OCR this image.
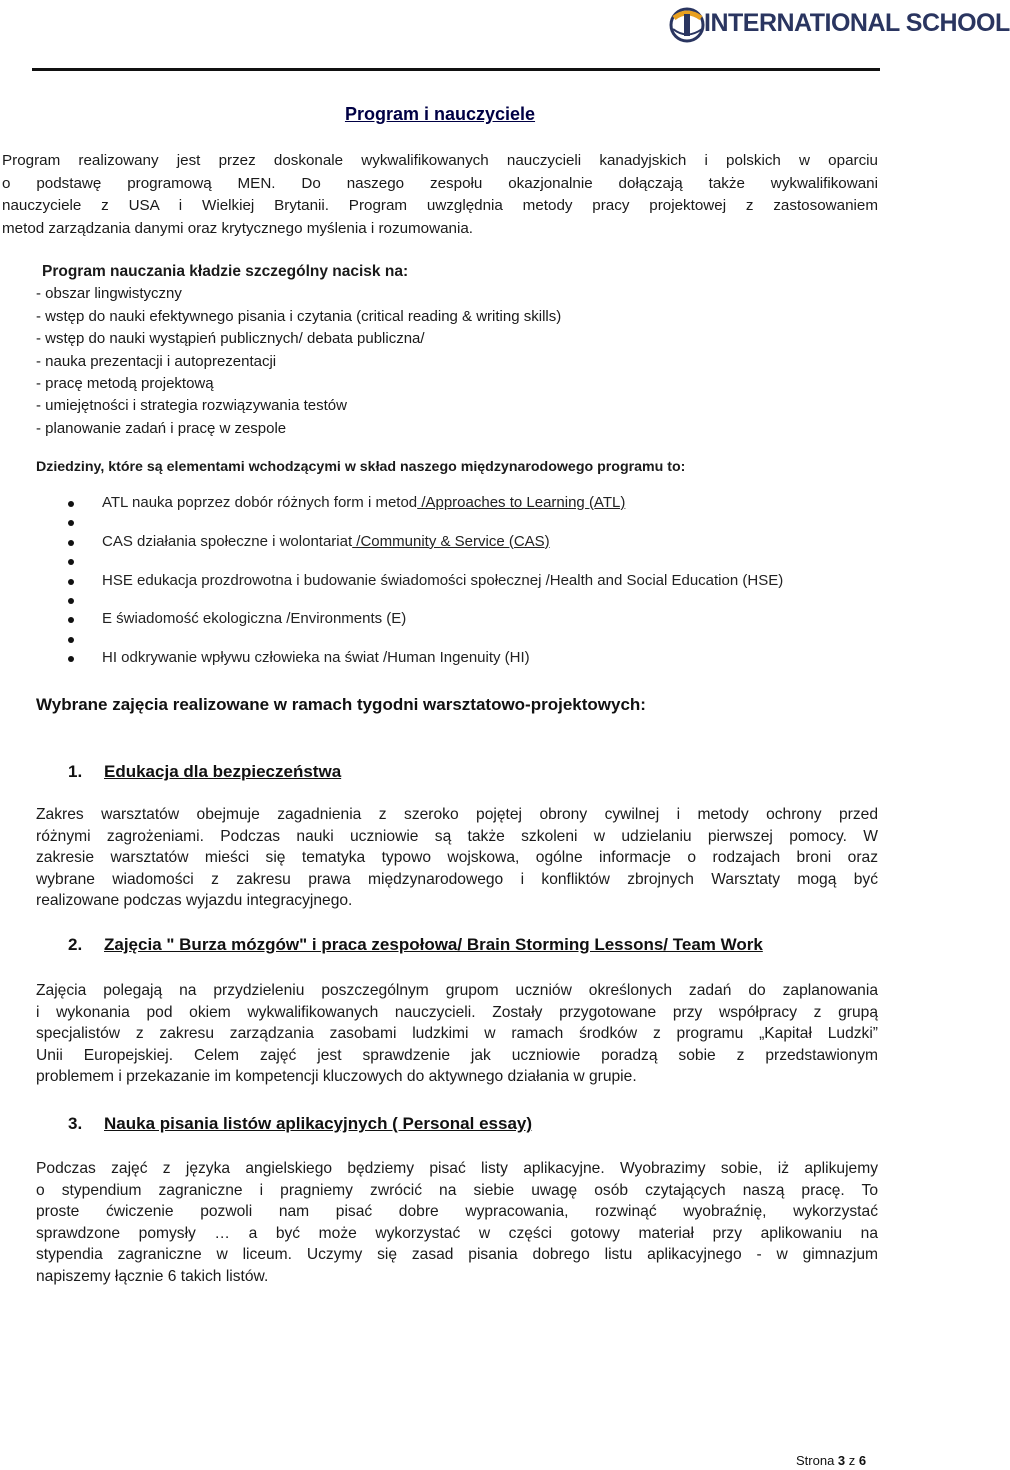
INTERNATIONAL SCHOOL
Program i nauczyciele
Program realizowany jest przez doskonale wykwalifikowanych nauczycieli kanadyjskich i polskich w oparciu
o podstawę programową MEN. Do naszego zespołu okazjonalnie dołączają także wykwalifikowani
nauczyciele z USA i Wielkiej Brytanii. Program uwzględnia metody pracy projektowej z zastosowaniem
metod zarządzania danymi oraz krytycznego myślenia i rozumowania.
Program nauczania kładzie szczególny nacisk na:
- obszar lingwistyczny
- wstęp do nauki efektywnego pisania i czytania (critical reading & writing skills)
- wstęp do nauki wystąpień publicznych/ debata publiczna/
- nauka prezentacji i autoprezentacji
- pracę metodą projektową
- umiejętności i strategia rozwiązywania testów
- planowanie zadań i pracę w zespole
Dziedziny, które są elementami wchodzącymi w skład naszego międzynarodowego programu to:
ATL nauka poprzez dobór różnych form i metod /Approaches to Learning (ATL)
CAS działania społeczne i wolontariat /Community & Service (CAS)
HSE edukacja prozdrowotna i budowanie świadomości społecznej /Health and Social Education (HSE)
E świadomość ekologiczna /Environments (E)
HI odkrywanie wpływu człowieka na świat /Human Ingenuity (HI)
Wybrane zajęcia realizowane w ramach tygodni warsztatowo-projektowych:
1. Edukacja dla bezpieczeństwa
Zakres warsztatów obejmuje zagadnienia z szeroko pojętej obrony cywilnej i metody ochrony przed
różnymi zagrożeniami. Podczas nauki uczniowie są także szkoleni w udzielaniu pierwszej pomocy. W
zakresie warsztatów mieści się tematyka typowo wojskowa, ogólne informacje o rodzajach broni oraz
wybrane wiadomości z zakresu prawa międzynarodowego i konfliktów zbrojnych Warsztaty mogą być
realizowane podczas wyjazdu integracyjnego.
2. Zajęcia " Burza mózgów" i praca zespołowa/ Brain Storming Lessons/ Team Work
Zajęcia polegają na przydzieleniu poszczególnym grupom uczniów określonych zadań do zaplanowania
i wykonania pod okiem wykwalifikowanych nauczycieli. Zostały przygotowane przy współpracy z grupą
specjalistów z zakresu zarządzania zasobami ludzkimi w ramach środków z programu „Kapitał Ludzki”
Unii Europejskiej. Celem zajęć jest sprawdzenie jak uczniowie poradzą sobie z przedstawionym
problemem i przekazanie im kompetencji kluczowych do aktywnego działania w grupie.
3. Nauka pisania listów aplikacyjnych ( Personal essay)
Podczas zajęć z języka angielskiego będziemy pisać listy aplikacyjne. Wyobrazimy sobie, iż aplikujemy
o stypendium zagraniczne i pragniemy zwrócić na siebie uwagę osób czytających naszą pracę. To
proste ćwiczenie pozwoli nam pisać dobre wypracowania, rozwinąć wyobraźnię, wykorzystać
sprawdzone pomysły … a być może wykorzystać w części gotowy materiał przy aplikowaniu na
stypendia zagraniczne w liceum. Uczymy się zasad pisania dobrego listu aplikacyjnego - w gimnazjum
napiszemy łącznie 6 takich listów.
Strona 3 z 6
